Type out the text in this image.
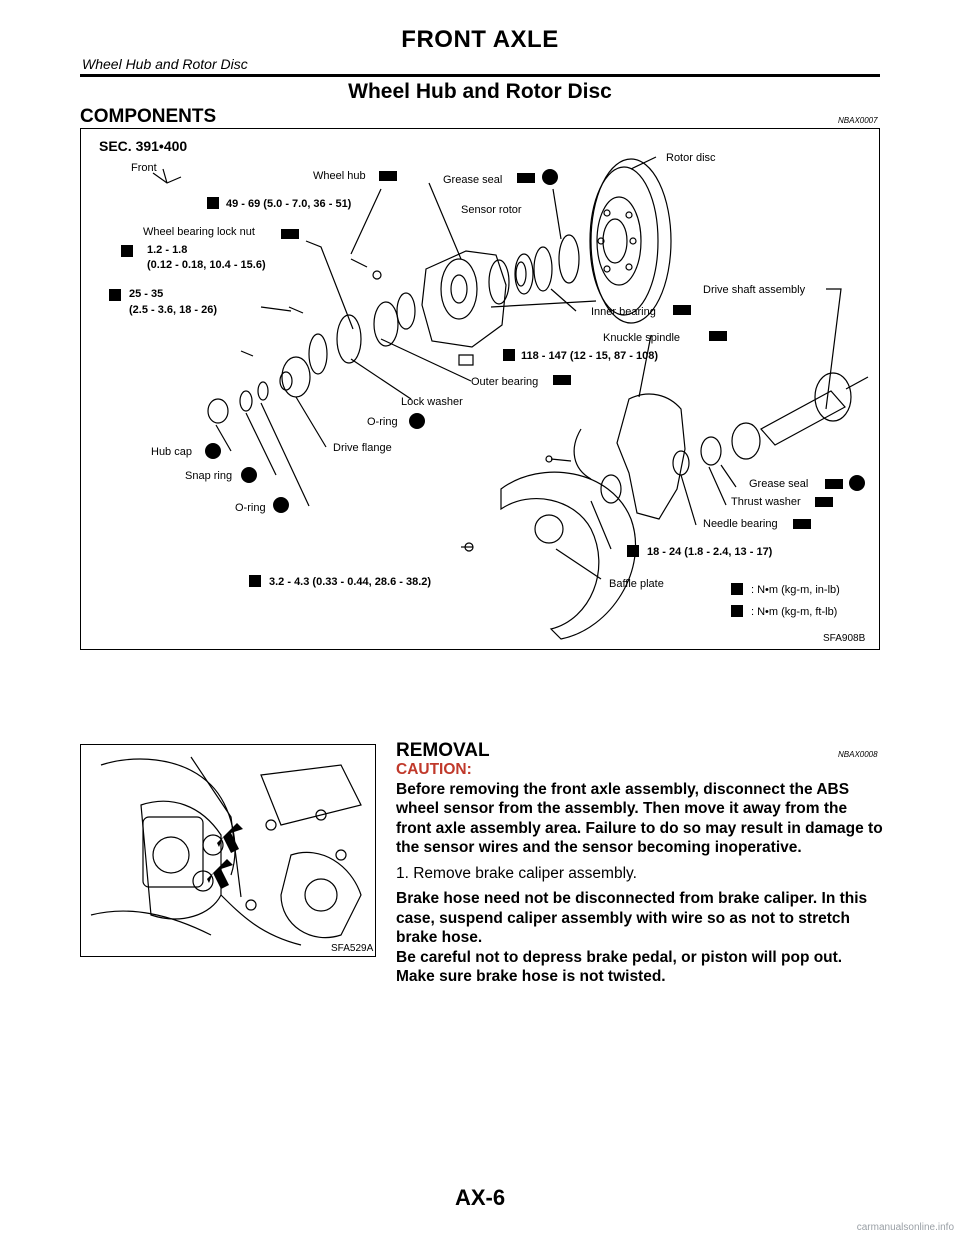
FRONT AXLE
Wheel Hub and Rotor Disc
Wheel Hub and Rotor Disc
COMPONENTS	NBAX0007
SEC. 391•400
Front
Wheel hub	Grease seal
Rotor disc
49 - 69 (5.0 - 7.0, 36 - 51)	Sensor rotor
Wheel bearing lock nut
1.2 - 1.8
(0.12 - 0.18, 10.4 - 15.6)
Drive shaft assembly
25 - 35
(2.5 - 3.6, 18 - 26)	Inner bearing
Knuckle spindle
118 - 147 (12 - 15, 87 - 108)
Outer bearing
Lock washer
O-ring
Drive flange
Hub cap
Snap ring
O-ring
Grease seal
Thrust washer
Needle bearing
18 - 24 (1.8 - 2.4, 13 - 17)
3.2 - 4.3 (0.33 - 0.44, 28.6 - 38.2)	Baffle plate	: N•m (kg-m, in-lb)
: N•m (kg-m, ft-lb)
SFA908B
SFA529A
REMOVAL	NBAX0008

CAUTION:

Before removing the front axle assembly, disconnect the ABS wheel sensor from the assembly. Then move it away from the front axle assembly area. Failure to do so may result in damage to the sensor wires and the sensor becoming inoperative.

1. Remove brake caliper assembly.

Brake hose need not be disconnected from brake caliper. In this case, suspend caliper assembly with wire so as not to stretch brake hose.

Be careful not to depress brake pedal, or piston will pop out.

Make sure brake hose is not twisted.

AX-6
carmanualsonline.info
